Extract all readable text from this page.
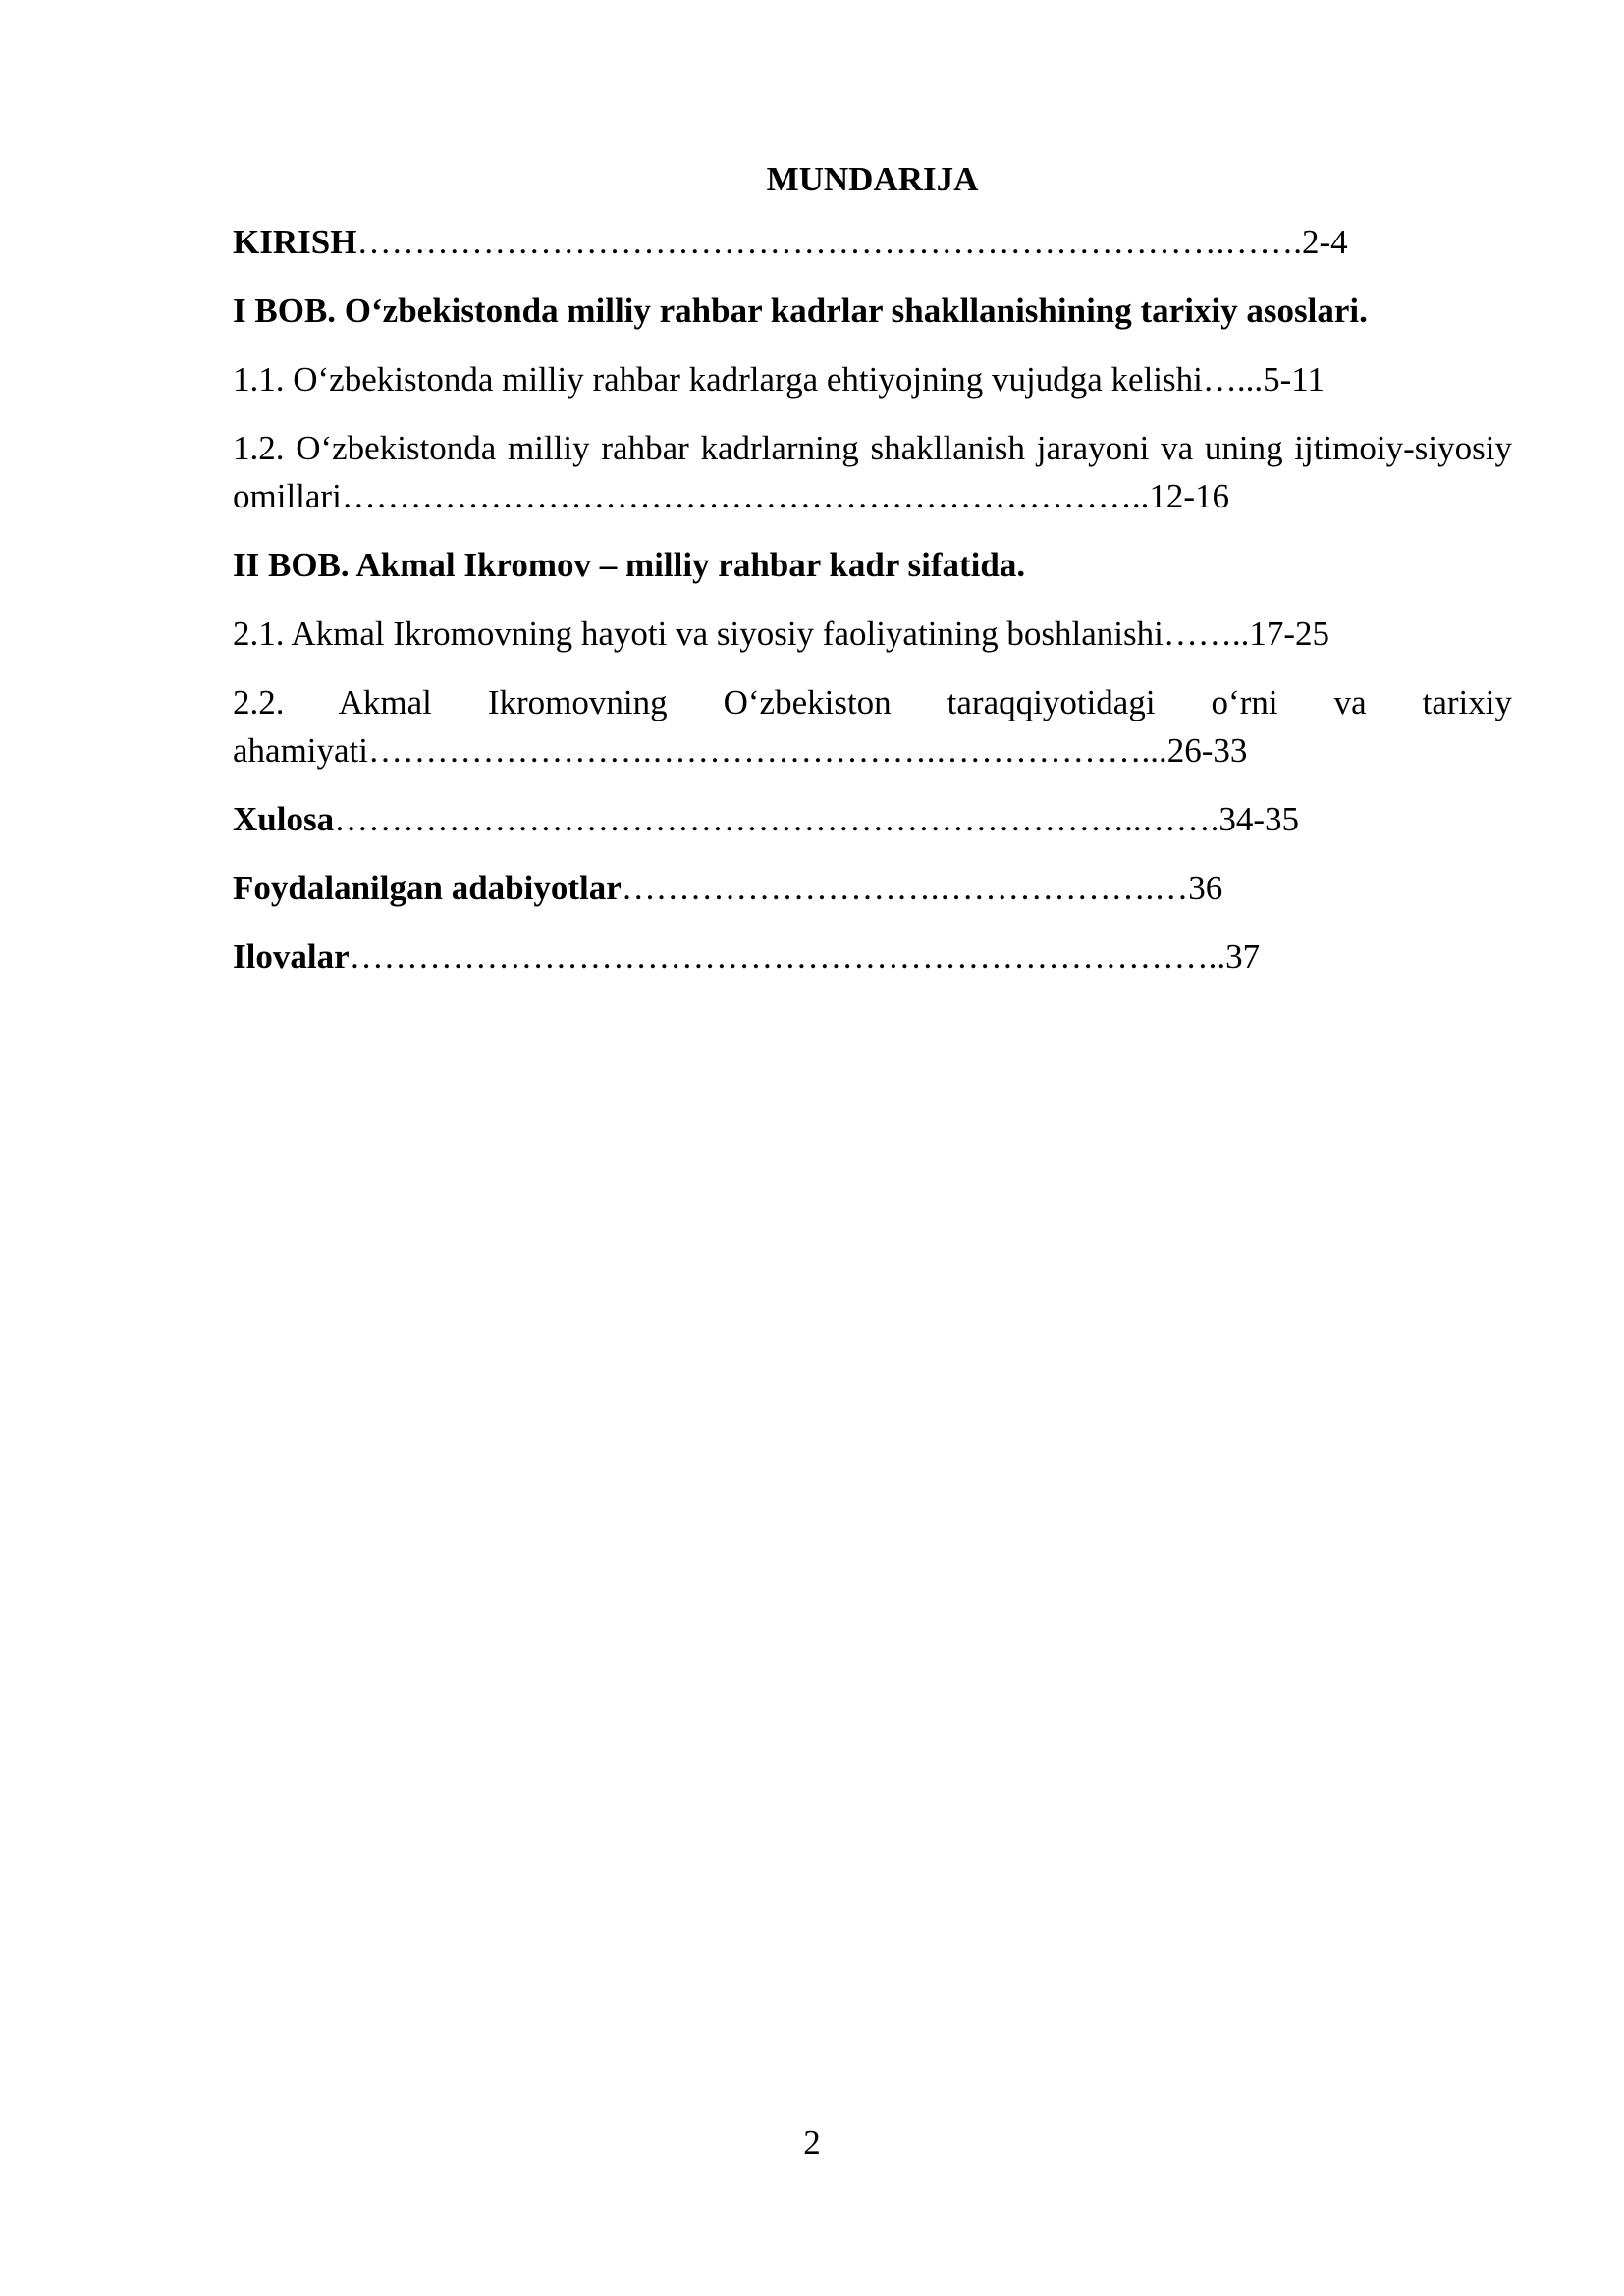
MUNDARIJA
KIRISH………………………………………………………………….…….2-4
I BOB. O‘zbekistonda milliy rahbar kadrlar shakllanishining tarixiy asoslari.
1.1. O‘zbekistonda milliy rahbar kadrlarga ehtiyojning vujudga kelishi…...5-11
1.2. O‘zbekistonda milliy rahbar kadrlarning shakllanish jarayoni va uning ijtimoiy-siyosiy omillari……………………………………………………………..12-16
II BOB. Akmal Ikromov – milliy rahbar kadr sifatida.
2.1. Akmal Ikromovning hayoti va siyosiy faoliyatining boshlanishi……..17-25
2.2. Akmal Ikromovning O‘zbekiston taraqqiyotidagi o‘rni va tarixiy ahamiyati…………………….…………………….………………...26-33
Xulosa……………………………………………………………..…….34-35
Foydalanilgan adabiyotlar……………………….……………….…36
Ilovalar…………………………………………………………………..37
2
